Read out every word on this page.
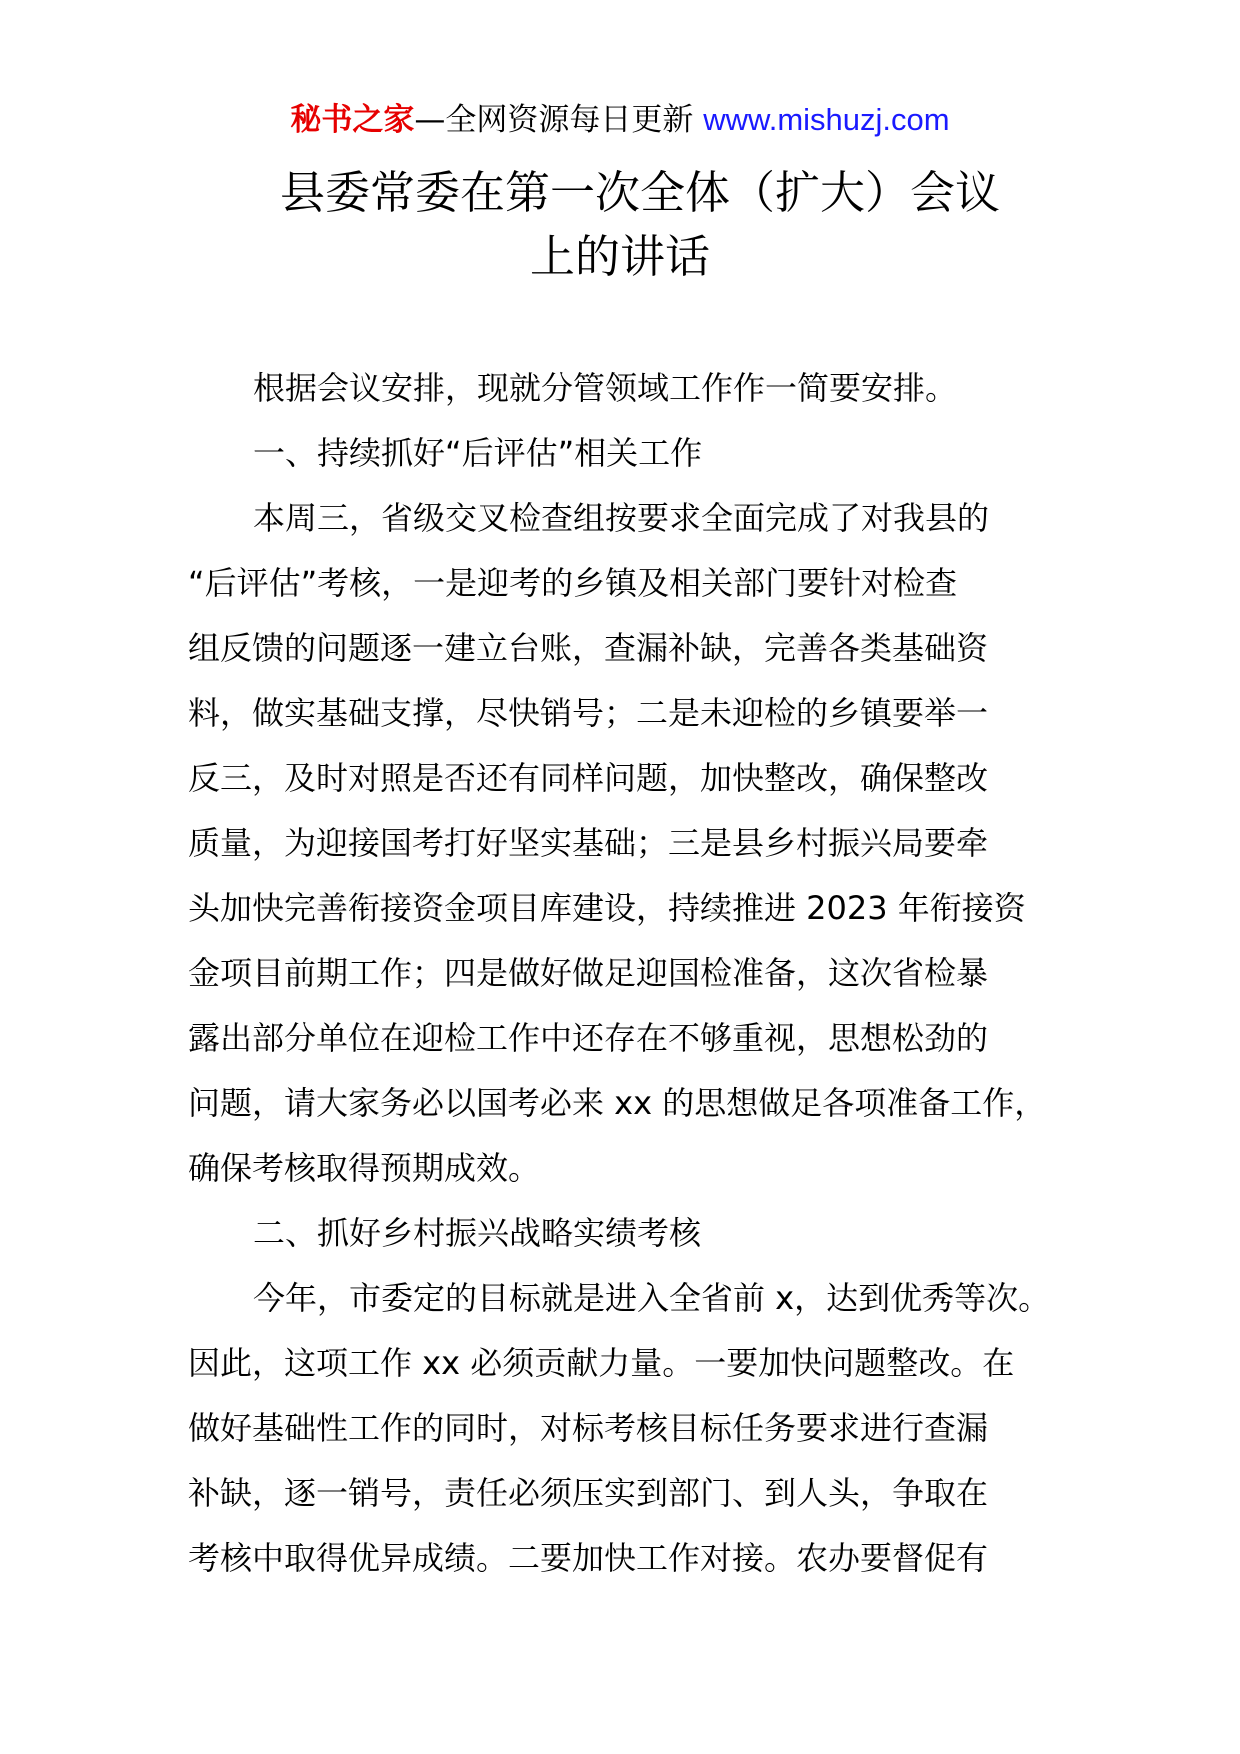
秘书之家—全网资源每日更新 www.mishuzj.com
县委常委在第一次全体（扩大）会议
上的讲话
根据会议安排，现就分管领域工作作一简要安排。
一、持续抓好“后评估”相关工作
本周三，省级交叉检查组按要求全面完成了对我县的
“后评估”考核，一是迎考的乡镇及相关部门要针对检查
组反馈的问题逐一建立台账，查漏补缺，完善各类基础资
料，做实基础支撑，尽快销号；二是未迎检的乡镇要举一
反三，及时对照是否还有同样问题，加快整改，确保整改
质量，为迎接国考打好坚实基础；三是县乡村振兴局要牵
头加快完善衔接资金项目库建设，持续推进 2023 年衔接资
金项目前期工作；四是做好做足迎国检准备，这次省检暴
露出部分单位在迎检工作中还存在不够重视，思想松劲的
问题，请大家务必以国考必来 xx 的思想做足各项准备工作，
确保考核取得预期成效。
二、抓好乡村振兴战略实绩考核
今年，市委定的目标就是进入全省前 x，达到优秀等次。
因此，这项工作 xx 必须贡献力量。一要加快问题整改。在
做好基础性工作的同时，对标考核目标任务要求进行查漏
补缺，逐一销号，责任必须压实到部门、到人头，争取在
考核中取得优异成绩。二要加快工作对接。农办要督促有
